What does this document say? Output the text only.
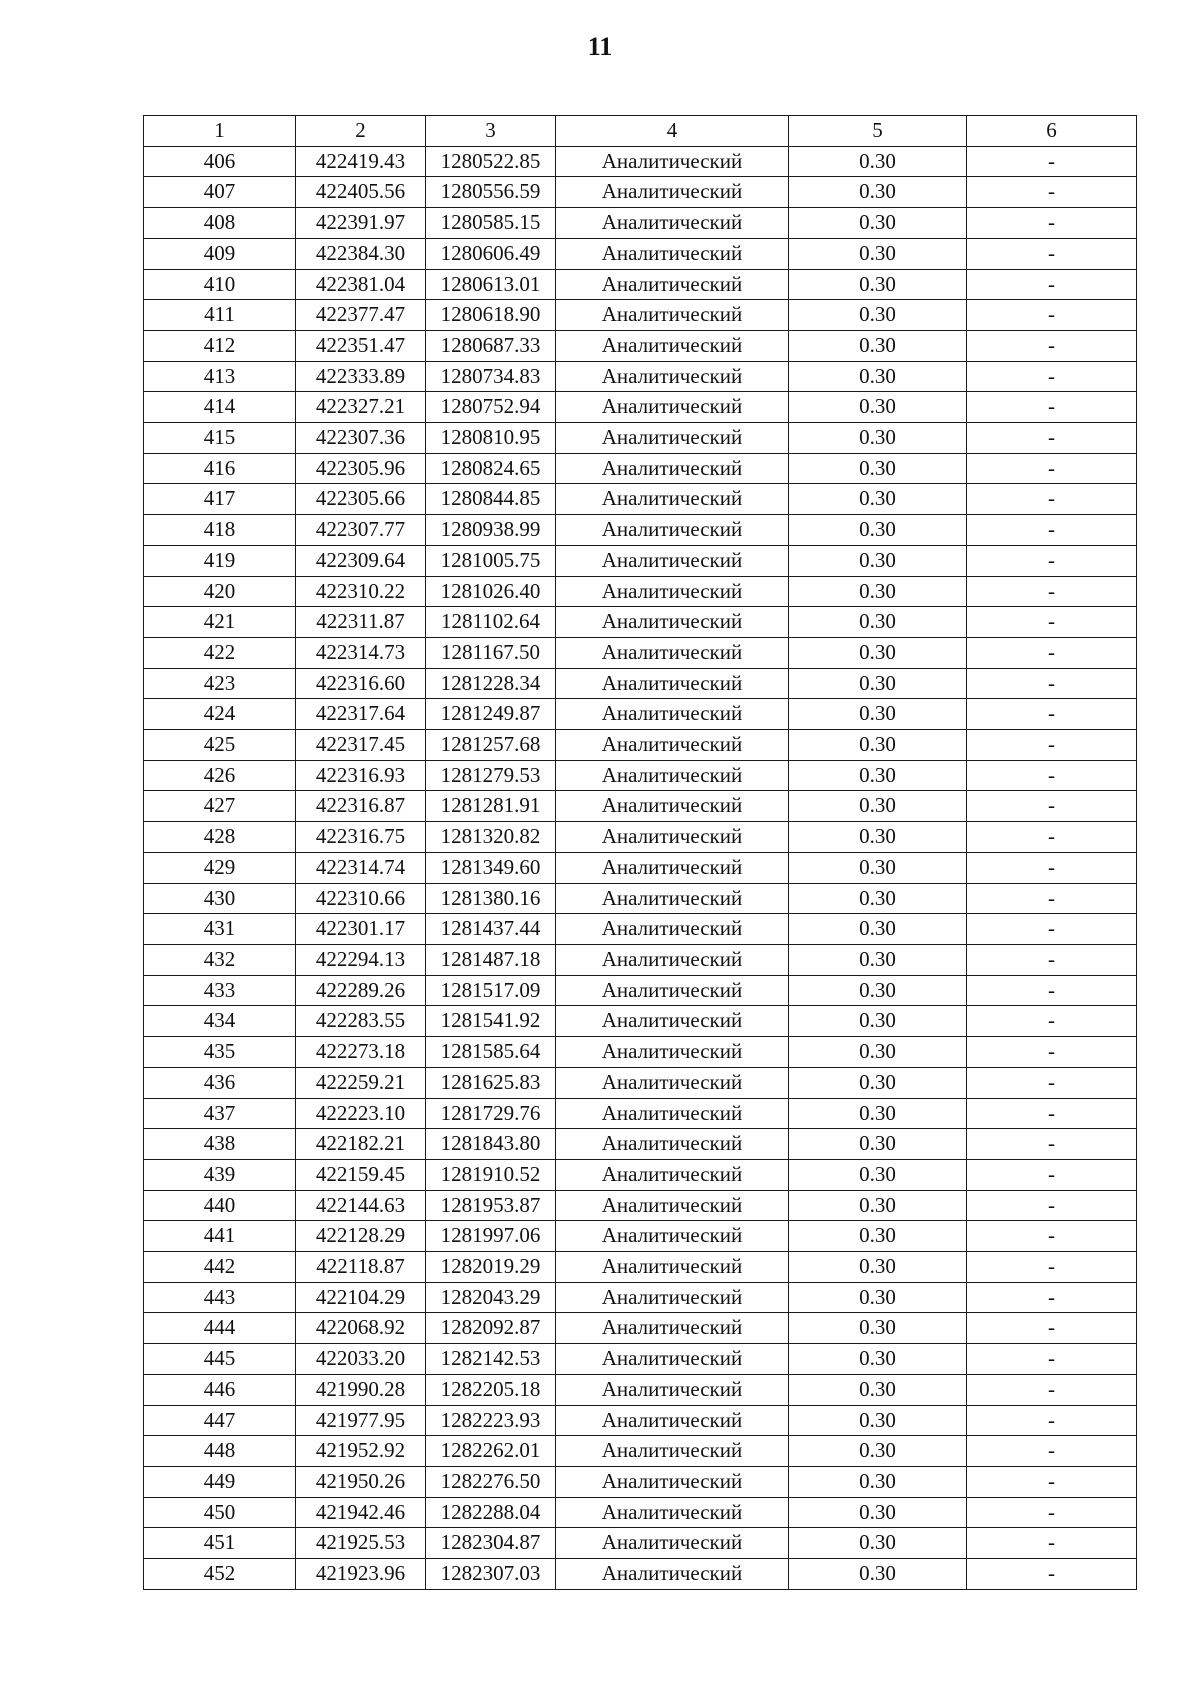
11
1	2	3	4	5	6
406	422419.43	1280522.85	Аналитический	0.30	-
407	422405.56	1280556.59	Аналитический	0.30	-
408	422391.97	1280585.15	Аналитический	0.30	-
409	422384.30	1280606.49	Аналитический	0.30	-
410	422381.04	1280613.01	Аналитический	0.30	-
411	422377.47	1280618.90	Аналитический	0.30	-
412	422351.47	1280687.33	Аналитический	0.30	-
413	422333.89	1280734.83	Аналитический	0.30	-
414	422327.21	1280752.94	Аналитический	0.30	-
415	422307.36	1280810.95	Аналитический	0.30	-
416	422305.96	1280824.65	Аналитический	0.30	-
417	422305.66	1280844.85	Аналитический	0.30	-
418	422307.77	1280938.99	Аналитический	0.30	-
419	422309.64	1281005.75	Аналитический	0.30	-
420	422310.22	1281026.40	Аналитический	0.30	-
421	422311.87	1281102.64	Аналитический	0.30	-
422	422314.73	1281167.50	Аналитический	0.30	-
423	422316.60	1281228.34	Аналитический	0.30	-
424	422317.64	1281249.87	Аналитический	0.30	-
425	422317.45	1281257.68	Аналитический	0.30	-
426	422316.93	1281279.53	Аналитический	0.30	-
427	422316.87	1281281.91	Аналитический	0.30	-
428	422316.75	1281320.82	Аналитический	0.30	-
429	422314.74	1281349.60	Аналитический	0.30	-
430	422310.66	1281380.16	Аналитический	0.30	-
431	422301.17	1281437.44	Аналитический	0.30	-
432	422294.13	1281487.18	Аналитический	0.30	-
433	422289.26	1281517.09	Аналитический	0.30	-
434	422283.55	1281541.92	Аналитический	0.30	-
435	422273.18	1281585.64	Аналитический	0.30	-
436	422259.21	1281625.83	Аналитический	0.30	-
437	422223.10	1281729.76	Аналитический	0.30	-
438	422182.21	1281843.80	Аналитический	0.30	-
439	422159.45	1281910.52	Аналитический	0.30	-
440	422144.63	1281953.87	Аналитический	0.30	-
441	422128.29	1281997.06	Аналитический	0.30	-
442	422118.87	1282019.29	Аналитический	0.30	-
443	422104.29	1282043.29	Аналитический	0.30	-
444	422068.92	1282092.87	Аналитический	0.30	-
445	422033.20	1282142.53	Аналитический	0.30	-
446	421990.28	1282205.18	Аналитический	0.30	-
447	421977.95	1282223.93	Аналитический	0.30	-
448	421952.92	1282262.01	Аналитический	0.30	-
449	421950.26	1282276.50	Аналитический	0.30	-
450	421942.46	1282288.04	Аналитический	0.30	-
451	421925.53	1282304.87	Аналитический	0.30	-
452	421923.96	1282307.03	Аналитический	0.30	-
